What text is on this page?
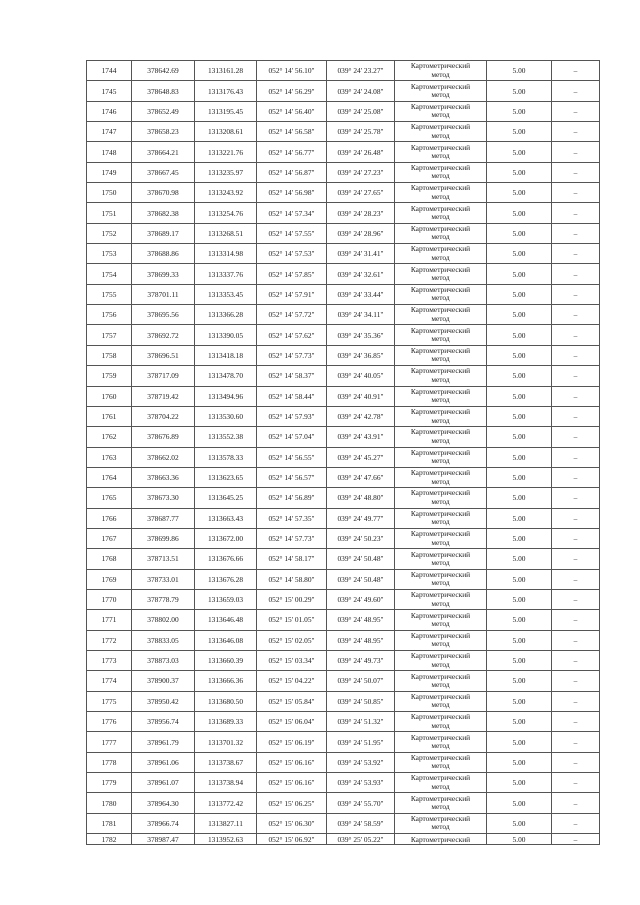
1744	378642.69	1313161.28	052° 14' 56.10"	039° 24' 23.27"	Картометрический
метод	5.00	–
1745	378648.83	1313176.43	052° 14' 56.29"	039° 24' 24.08"	Картометрический
метод	5.00	–
1746	378652.49	1313195.45	052° 14' 56.40"	039° 24' 25.08"	Картометрический
метод	5.00	–
1747	378658.23	1313208.61	052° 14' 56.58"	039° 24' 25.78"	Картометрический
метод	5.00	–
1748	378664.21	1313221.76	052° 14' 56.77"	039° 24' 26.48"	Картометрический
метод	5.00	–
1749	378667.45	1313235.97	052° 14' 56.87"	039° 24' 27.23"	Картометрический
метод	5.00	–
1750	378670.98	1313243.92	052° 14' 56.98"	039° 24' 27.65"	Картометрический
метод	5.00	–
1751	378682.38	1313254.76	052° 14' 57.34"	039° 24' 28.23"	Картометрический
метод	5.00	–
1752	378689.17	1313268.51	052° 14' 57.55"	039° 24' 28.96"	Картометрический
метод	5.00	–
1753	378688.86	1313314.98	052° 14' 57.53"	039° 24' 31.41"	Картометрический
метод	5.00	–
1754	378699.33	1313337.76	052° 14' 57.85"	039° 24' 32.61"	Картометрический
метод	5.00	–
1755	378701.11	1313353.45	052° 14' 57.91"	039° 24' 33.44"	Картометрический
метод	5.00	–
1756	378695.56	1313366.28	052° 14' 57.72"	039° 24' 34.11"	Картометрический
метод	5.00	–
1757	378692.72	1313390.05	052° 14' 57.62"	039° 24' 35.36"	Картометрический
метод	5.00	–
1758	378696.51	1313418.18	052° 14' 57.73"	039° 24' 36.85"	Картометрический
метод	5.00	–
1759	378717.09	1313478.70	052° 14' 58.37"	039° 24' 40.05"	Картометрический
метод	5.00	–
1760	378719.42	1313494.96	052° 14' 58.44"	039° 24' 40.91"	Картометрический
метод	5.00	–
1761	378704.22	1313530.60	052° 14' 57.93"	039° 24' 42.78"	Картометрический
метод	5.00	–
1762	378676.89	1313552.38	052° 14' 57.04"	039° 24' 43.91"	Картометрический
метод	5.00	–
1763	378662.02	1313578.33	052° 14' 56.55"	039° 24' 45.27"	Картометрический
метод	5.00	–
1764	378663.36	1313623.65	052° 14' 56.57"	039° 24' 47.66"	Картометрический
метод	5.00	–
1765	378673.30	1313645.25	052° 14' 56.89"	039° 24' 48.80"	Картометрический
метод	5.00	–
1766	378687.77	1313663.43	052° 14' 57.35"	039° 24' 49.77"	Картометрический
метод	5.00	–
1767	378699.86	1313672.00	052° 14' 57.73"	039° 24' 50.23"	Картометрический
метод	5.00	–
1768	378713.51	1313676.66	052° 14' 58.17"	039° 24' 50.48"	Картометрический
метод	5.00	–
1769	378733.01	1313676.28	052° 14' 58.80"	039° 24' 50.48"	Картометрический
метод	5.00	–
1770	378778.79	1313659.03	052° 15' 00.29"	039° 24' 49.60"	Картометрический
метод	5.00	–
1771	378802.00	1313646.48	052° 15' 01.05"	039° 24' 48.95"	Картометрический
метод	5.00	–
1772	378833.05	1313646.08	052° 15' 02.05"	039° 24' 48.95"	Картометрический
метод	5.00	–
1773	378873.03	1313660.39	052° 15' 03.34"	039° 24' 49.73"	Картометрический
метод	5.00	–
1774	378900.37	1313666.36	052° 15' 04.22"	039° 24' 50.07"	Картометрический
метод	5.00	–
1775	378950.42	1313680.50	052° 15' 05.84"	039° 24' 50.85"	Картометрический
метод	5.00	–
1776	378956.74	1313689.33	052° 15' 06.04"	039° 24' 51.32"	Картометрический
метод	5.00	–
1777	378961.79	1313701.32	052° 15' 06.19"	039° 24' 51.95"	Картометрический
метод	5.00	–
1778	378961.06	1313738.67	052° 15' 06.16"	039° 24' 53.92"	Картометрический
метод	5.00	–
1779	378961.07	1313738.94	052° 15' 06.16"	039° 24' 53.93"	Картометрический
метод	5.00	–
1780	378964.30	1313772.42	052° 15' 06.25"	039° 24' 55.70"	Картометрический
метод	5.00	–
1781	378966.74	1313827.11	052° 15' 06.30"	039° 24' 58.59"	Картометрический
метод	5.00	–
1782	378987.47	1313952.63	052° 15' 06.92"	039° 25' 05.22"	Картометрический	5.00	–
